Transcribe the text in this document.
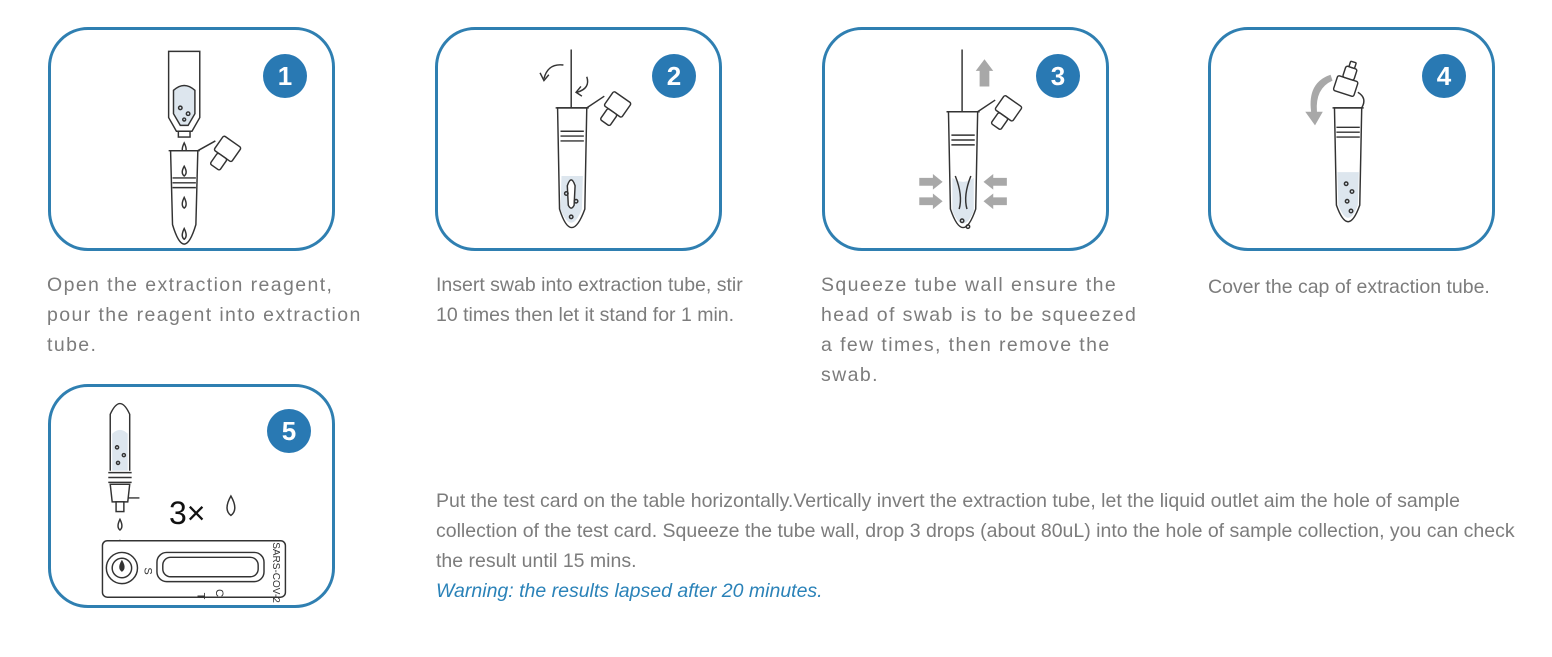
1	2	3	4
3×
S
C
T	SARS-COV-2
5

Open the extraction reagent, pour the reagent into extraction tube.

Insert swab into extraction tube, stir 10 times then let it stand for 1 min.

Squeeze tube wall ensure the head of swab is to be squeezed a few times, then remove the swab.

Cover the cap of extraction tube.

Put the test card on the table horizontally.Vertically invert the extraction tube, let the liquid outlet aim the hole of sample collection of the test card. Squeeze the tube wall, drop 3 drops (about 80uL) into the hole of sample collection, you can check the result until 15 mins.
Warning: the results lapsed after 20 minutes.
